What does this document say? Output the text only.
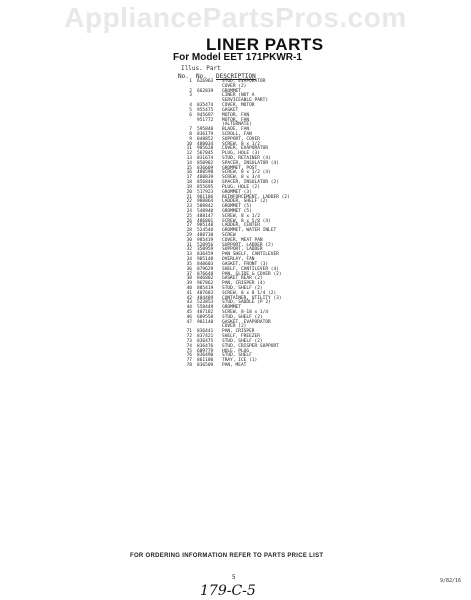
AppliancePartsPros.com
LINER PARTS
For Model EET 171PKWR-1
Illus. Part
No. No. DESCRIPTION
1 626963 STUD, EVAPORATOR
COVER (2)
2 662839 GROMMET
3	LINER (NOT A
SERVICEABLE PART)
4 835474 COVER, MOTOR
5 955475 GASKET
6 945697 MOTOR, FAN
951772 MOTOR, FAN
(ALTERNATE)
7 595840 BLADE, FAN
8 836179 SCROLL, FAN
9 848852 SUPPORT, COVER
10 488034 SCREW, 8 x 1/2
11 985628 COVER, EVAPORATOR
12 567845 PLUG, HOLE (3)
13 831674 STUD, RETAINER (4)
14 850982 SPACER, INSULATOR (4)
15 836609 GROMMET, POST
16 488598 SCREW, 8 x 1/2 (4)
17 488839 SCREW, 8 x 3/4
18 856840 SPACER, INSULATOR (2)
19 855695 PLUG, HOLE (2)
20 517923 GROMMET (3)
21 981186 REINFORCEMENT, LADDER (2)
22 988864 LADDER, SHELF (2)
23 509842 GROMMET (5)
24 548940 GROMMET (5)
25 488147 SCREW, 8 x 1/2
26 486801 SCREW, 8 x 5/8 (4)
27 985148 LADDER, CENTER
28 524548 GROMMET, WATER INLET
29 488730 SCREW
30 985419 COVER, MEAT PAN
31 520956 SUPPORT, LADDER (2)
32 350959 SUPPORT, LADDER
33 836459 PAN SHELF, CANTILEVER
34 985148 OVERLAY, FAN
35 840603 GASKET, FRONT (3)
36 879629 SHELF, CANTILEVER (4)
37 876648 PAN, SLIDE & COVER (2)
38 846802 GASKET REAR (2)
39 967862 PAN, CRISPER (4)
40 885419 STUD, SHELF (2)
41 487683 SCREW, 8 x 8 1/4 (2)
42 484489 CONTAINER, UTILITY (3)
43 523853 STUD, SADDLE (P 2)
44 558449 GROMMET
45 487182 SCREW, 8-18 x 1/4
46 609558 STUD, SHELF (2)
47 981140 GASKET, EVAPORATOR
COVER (2)
71 836441 PAN, CRISPER
72 837421 SHELF, FREEZER
73 836475 STUD, SHELF (2)
74 836476 STUD, CRISPER SUPPORT
75 609779 HOLE, PLUG
76 836490 STUD, SHELF
77 861180 TRAY, ICE (1)
78 836509 PAN, MEAT
FOR ORDERING INFORMATION REFER TO PARTS PRICE LIST
5	9/82/16
179-C-5
